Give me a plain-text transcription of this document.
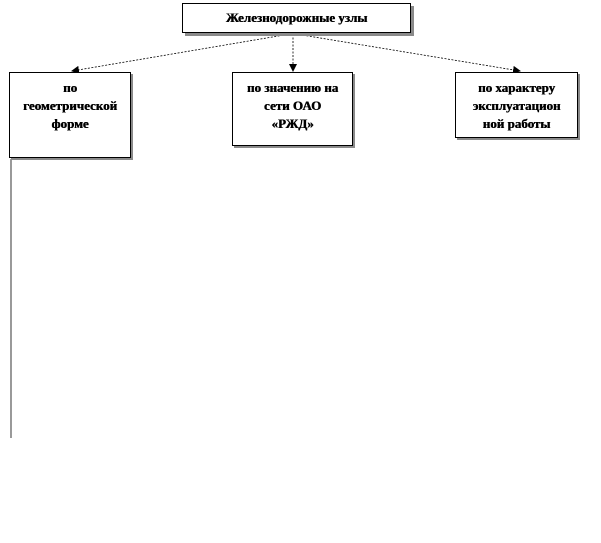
Железнодорожные узлы
по
геометрической
форме
по значению на
сети ОАО
«РЖД»
по характеру
эксплуатацион
ной работы
